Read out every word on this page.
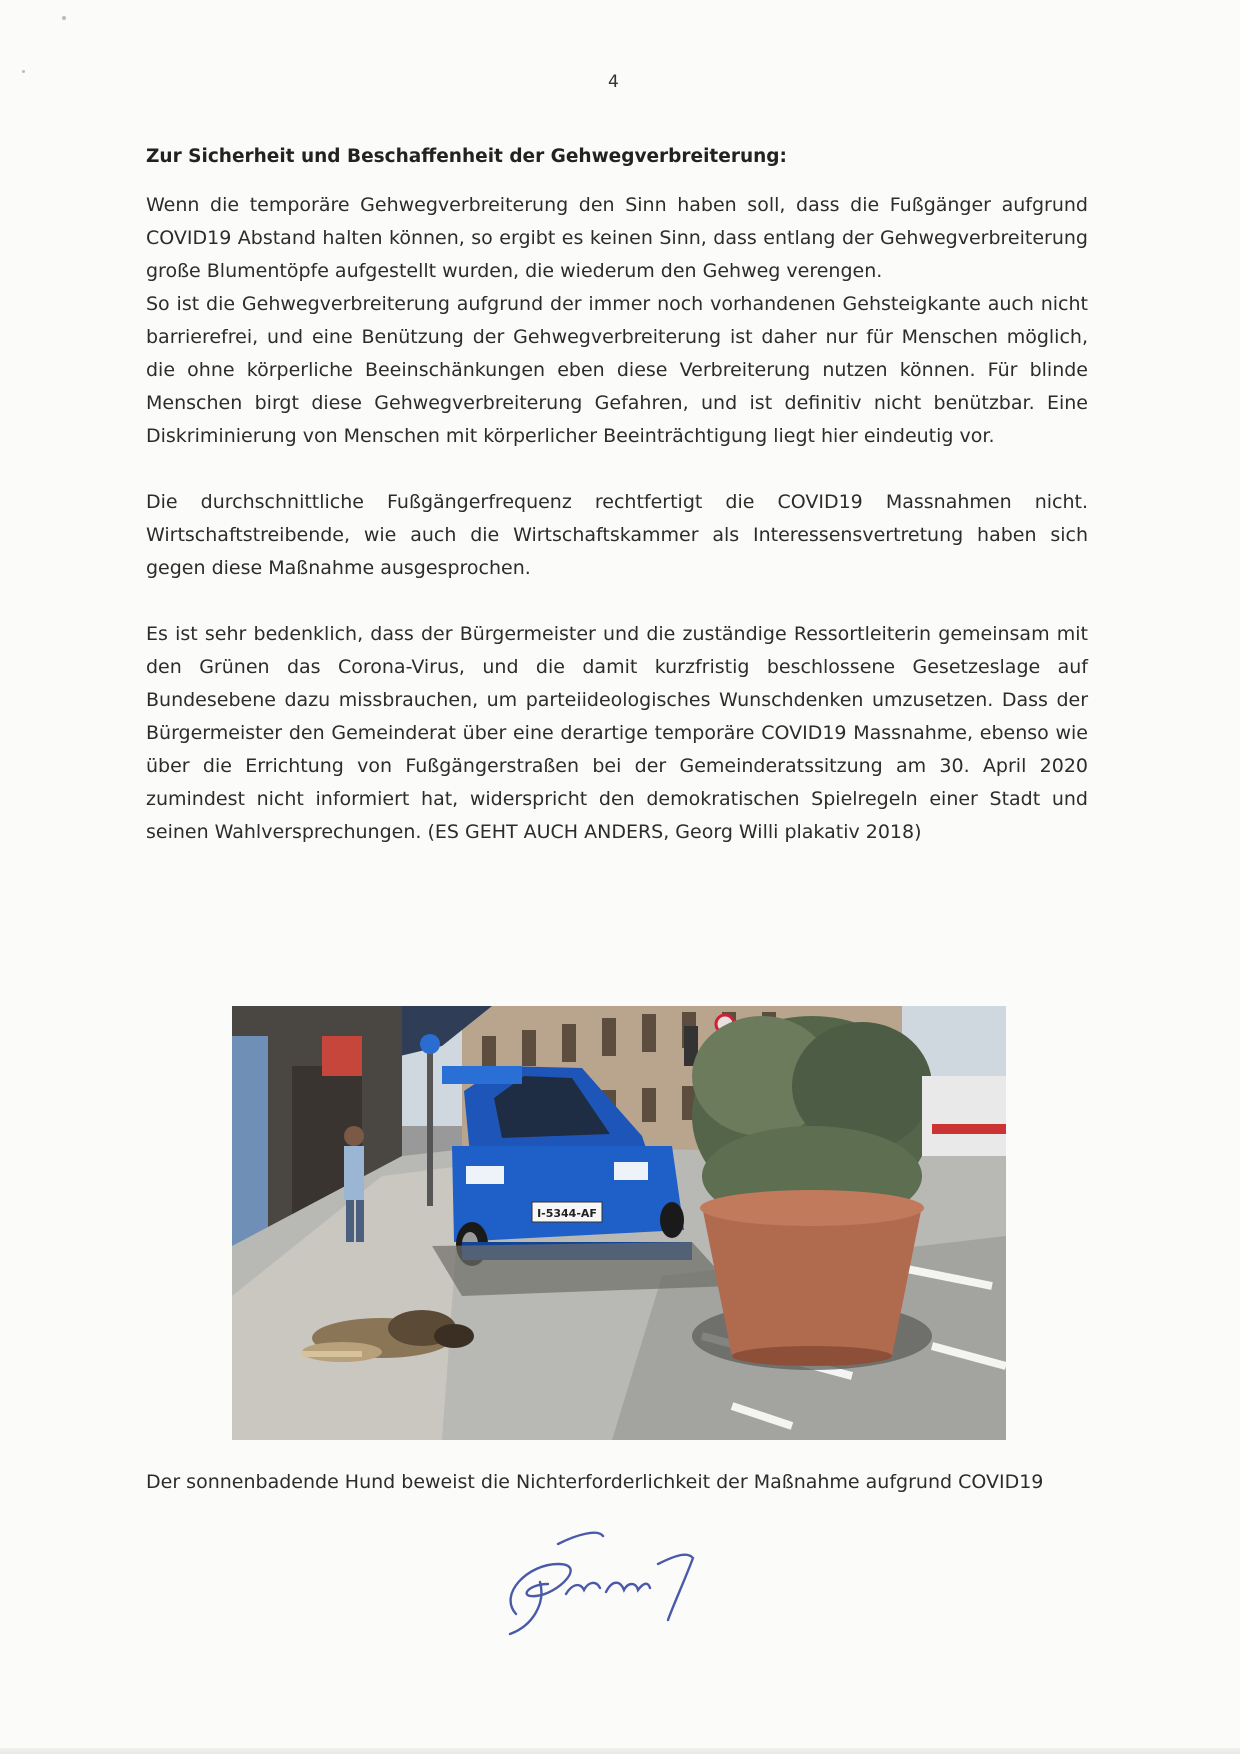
4

Zur Sicherheit und Beschaffenheit der Gehwegverbreiterung:

Wenn die temporäre Gehwegverbreiterung den Sinn haben soll, dass die Fußgänger aufgrund COVID19 Abstand halten können, so ergibt es keinen Sinn, dass entlang der Gehwegverbreiterung große Blumentöpfe aufgestellt wurden, die wiederum den Gehweg verengen.

So ist die Gehwegverbreiterung aufgrund der immer noch vorhandenen Gehsteigkante auch nicht barrierefrei, und eine Benützung der Gehwegverbreiterung ist daher nur für Menschen möglich, die ohne körperliche Beeinschänkungen eben diese Verbreiterung nutzen können. Für blinde Menschen birgt diese Gehwegverbreiterung Gefahren, und ist definitiv nicht benützbar. Eine Diskriminierung von Menschen mit körperlicher Beeinträchtigung liegt hier eindeutig vor.

Die durchschnittliche Fußgängerfrequenz rechtfertigt die COVID19 Massnahmen nicht. Wirtschaftstreibende, wie auch die Wirtschaftskammer als Interessensvertretung haben sich gegen diese Maßnahme ausgesprochen.

Es ist sehr bedenklich, dass der Bürgermeister und die zuständige Ressortleiterin gemeinsam mit den Grünen das Corona-Virus, und die damit kurzfristig beschlossene Gesetzeslage auf Bundesebene dazu missbrauchen, um parteiideologisches Wunschdenken umzusetzen. Dass der Bürgermeister den Gemeinderat über eine derartige temporäre COVID19 Massnahme, ebenso wie über die Errichtung von Fußgängerstraßen bei der Gemeinderatssitzung am 30. April 2020 zumindest nicht informiert hat, widerspricht den demokratischen Spielregeln einer Stadt und seinen Wahlversprechungen. (ES GEHT AUCH ANDERS, Georg Willi plakativ 2018)

I-5344-AF

Der sonnenbadende Hund beweist die Nichterforderlichkeit der Maßnahme aufgrund COVID19
